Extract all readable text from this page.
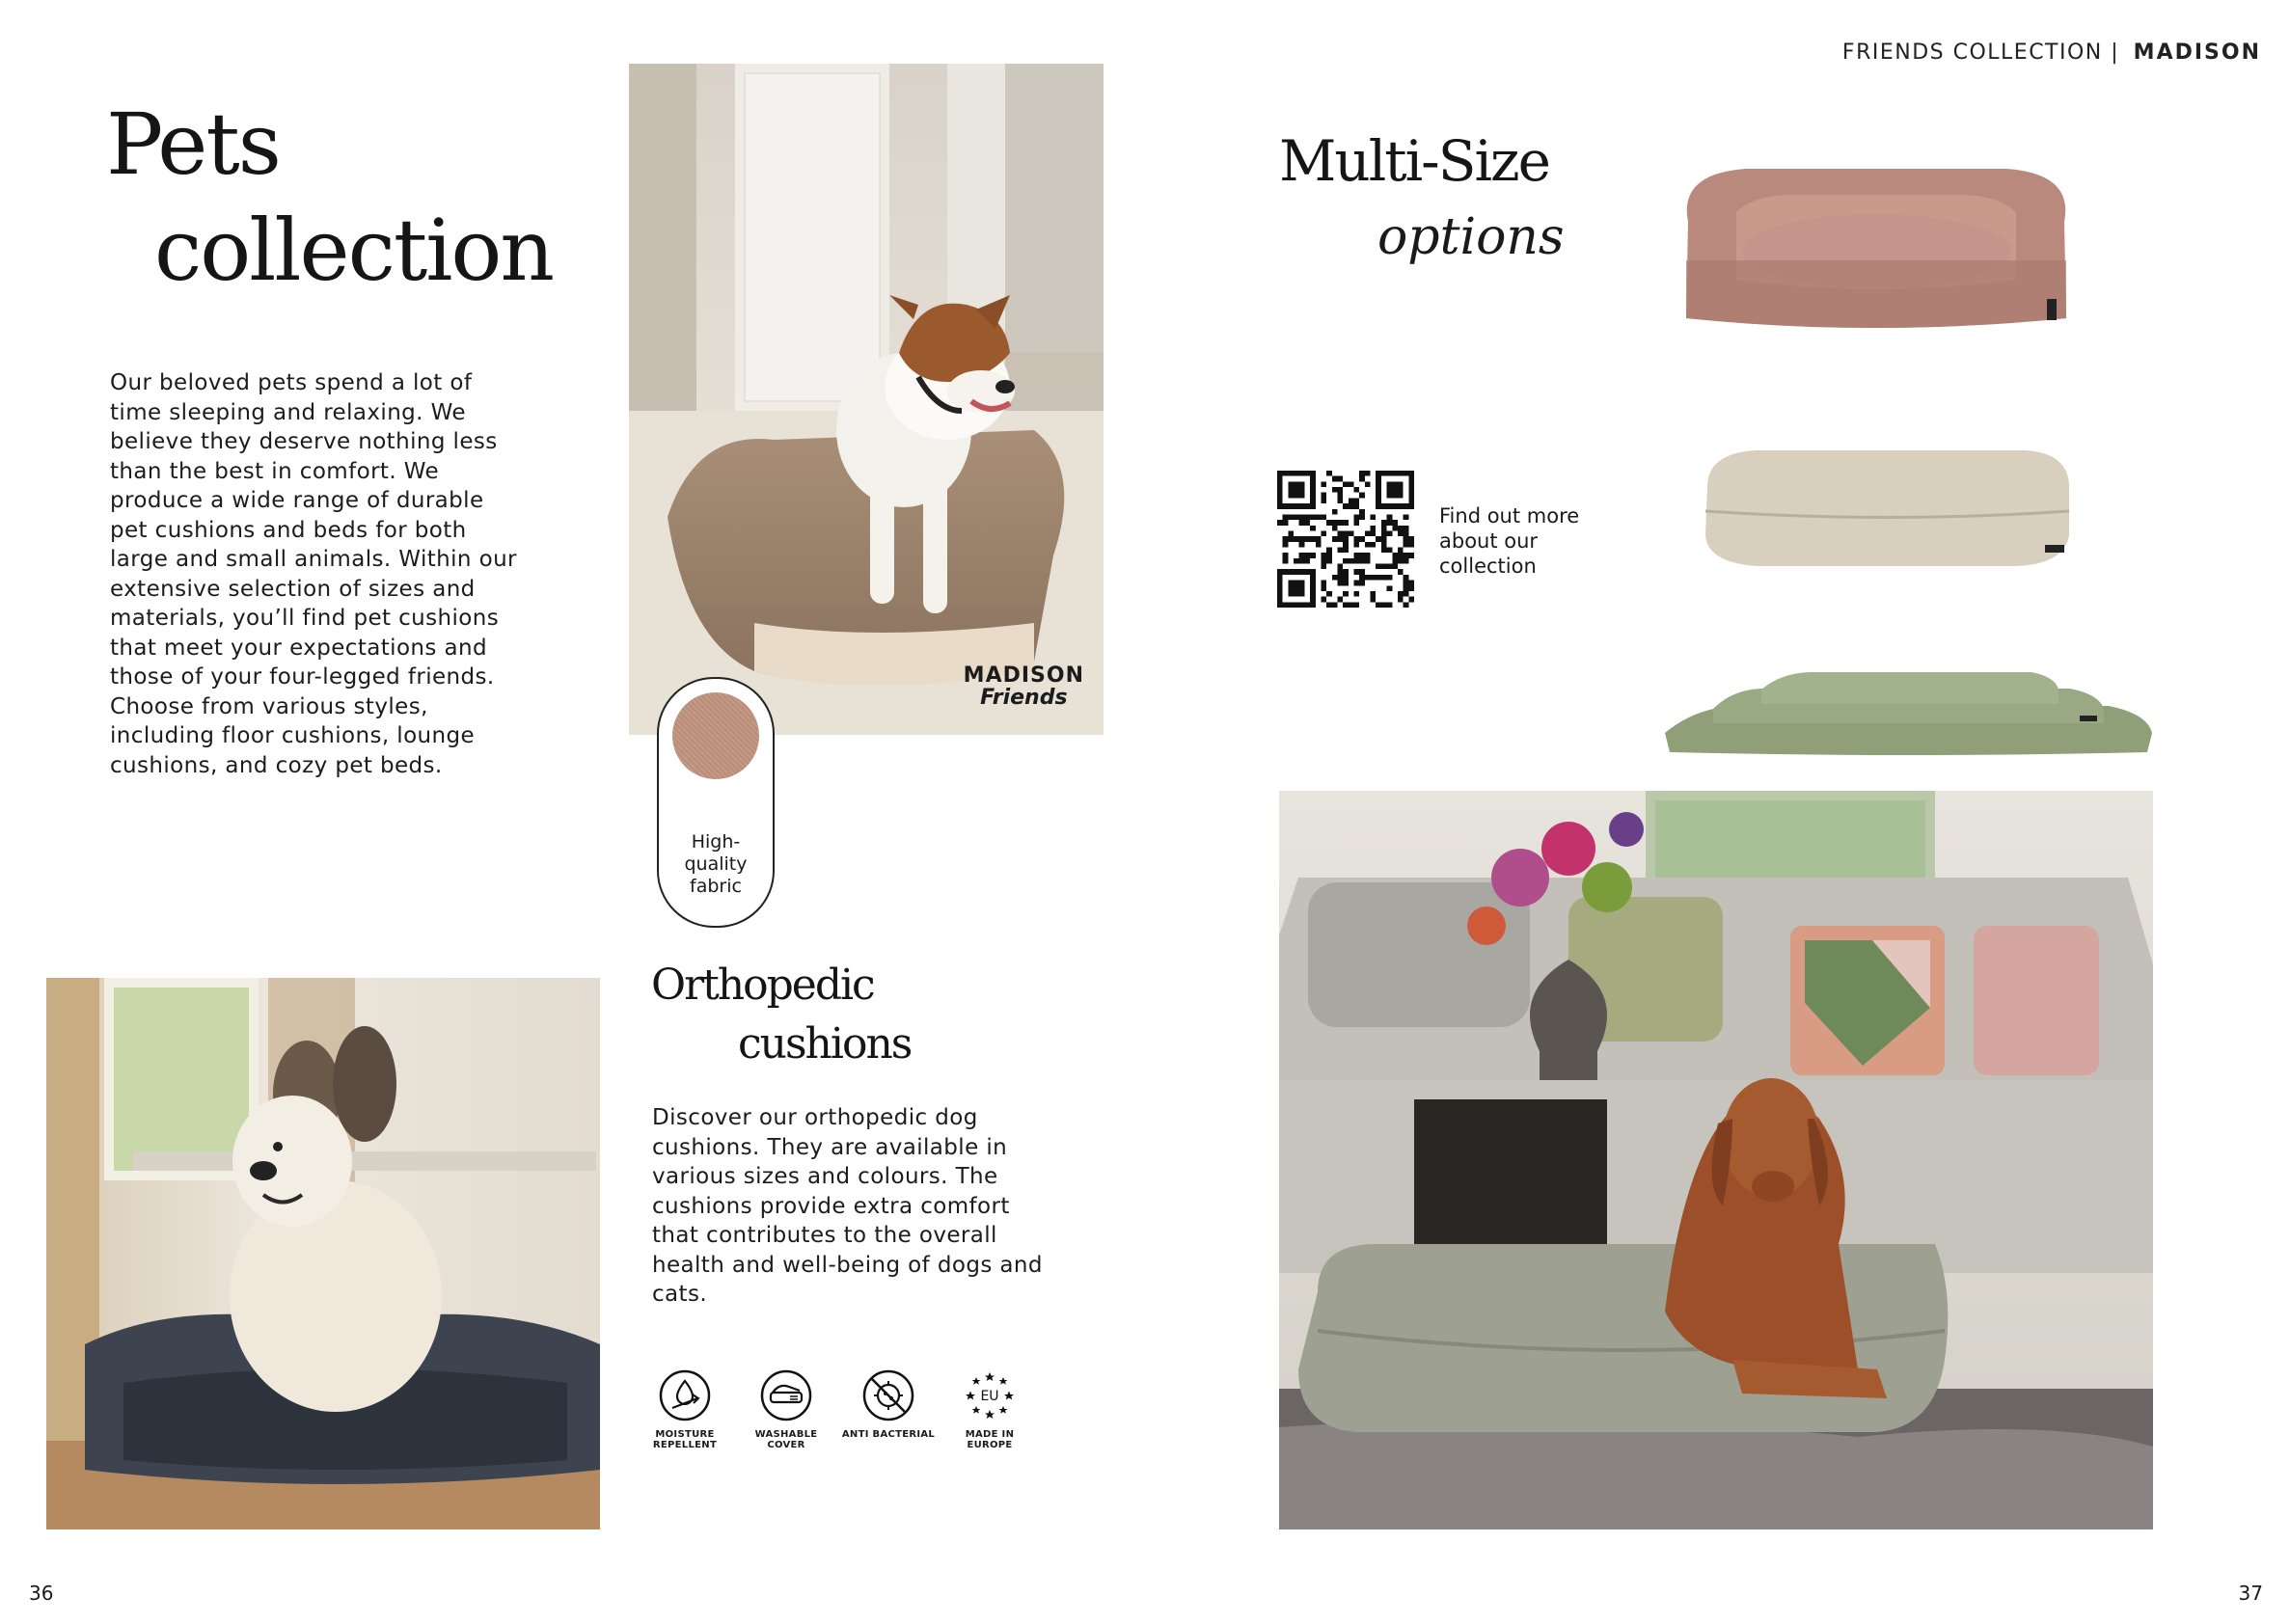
FRIENDS COLLECTION | MADISON
Pets
collection
Our beloved pets spend a lot of time sleeping and relaxing. We believe they deserve nothing less than the best in comfort. We produce a wide range of durable pet cushions and beds for both large and small animals. Within our extensive selection of sizes and materials, you’ll find pet cushions that meet your expectations and those of your four-legged friends. Choose from various styles, including floor cushions, lounge cushions, and cozy pet beds.
MADISON
Friends
High-quality fabric
Orthopedic
cushions
Discover our orthopedic dog cushions. They are available in various sizes and colours. The cushions provide extra comfort that contributes to the overall health and well-being of dogs and cats.
MOISTURE REPELLENT
WASHABLE COVER
ANTI BACTERIAL
EU
MADE IN EUROPE
Multi-Size
options
Find out more about our collection
36	37
